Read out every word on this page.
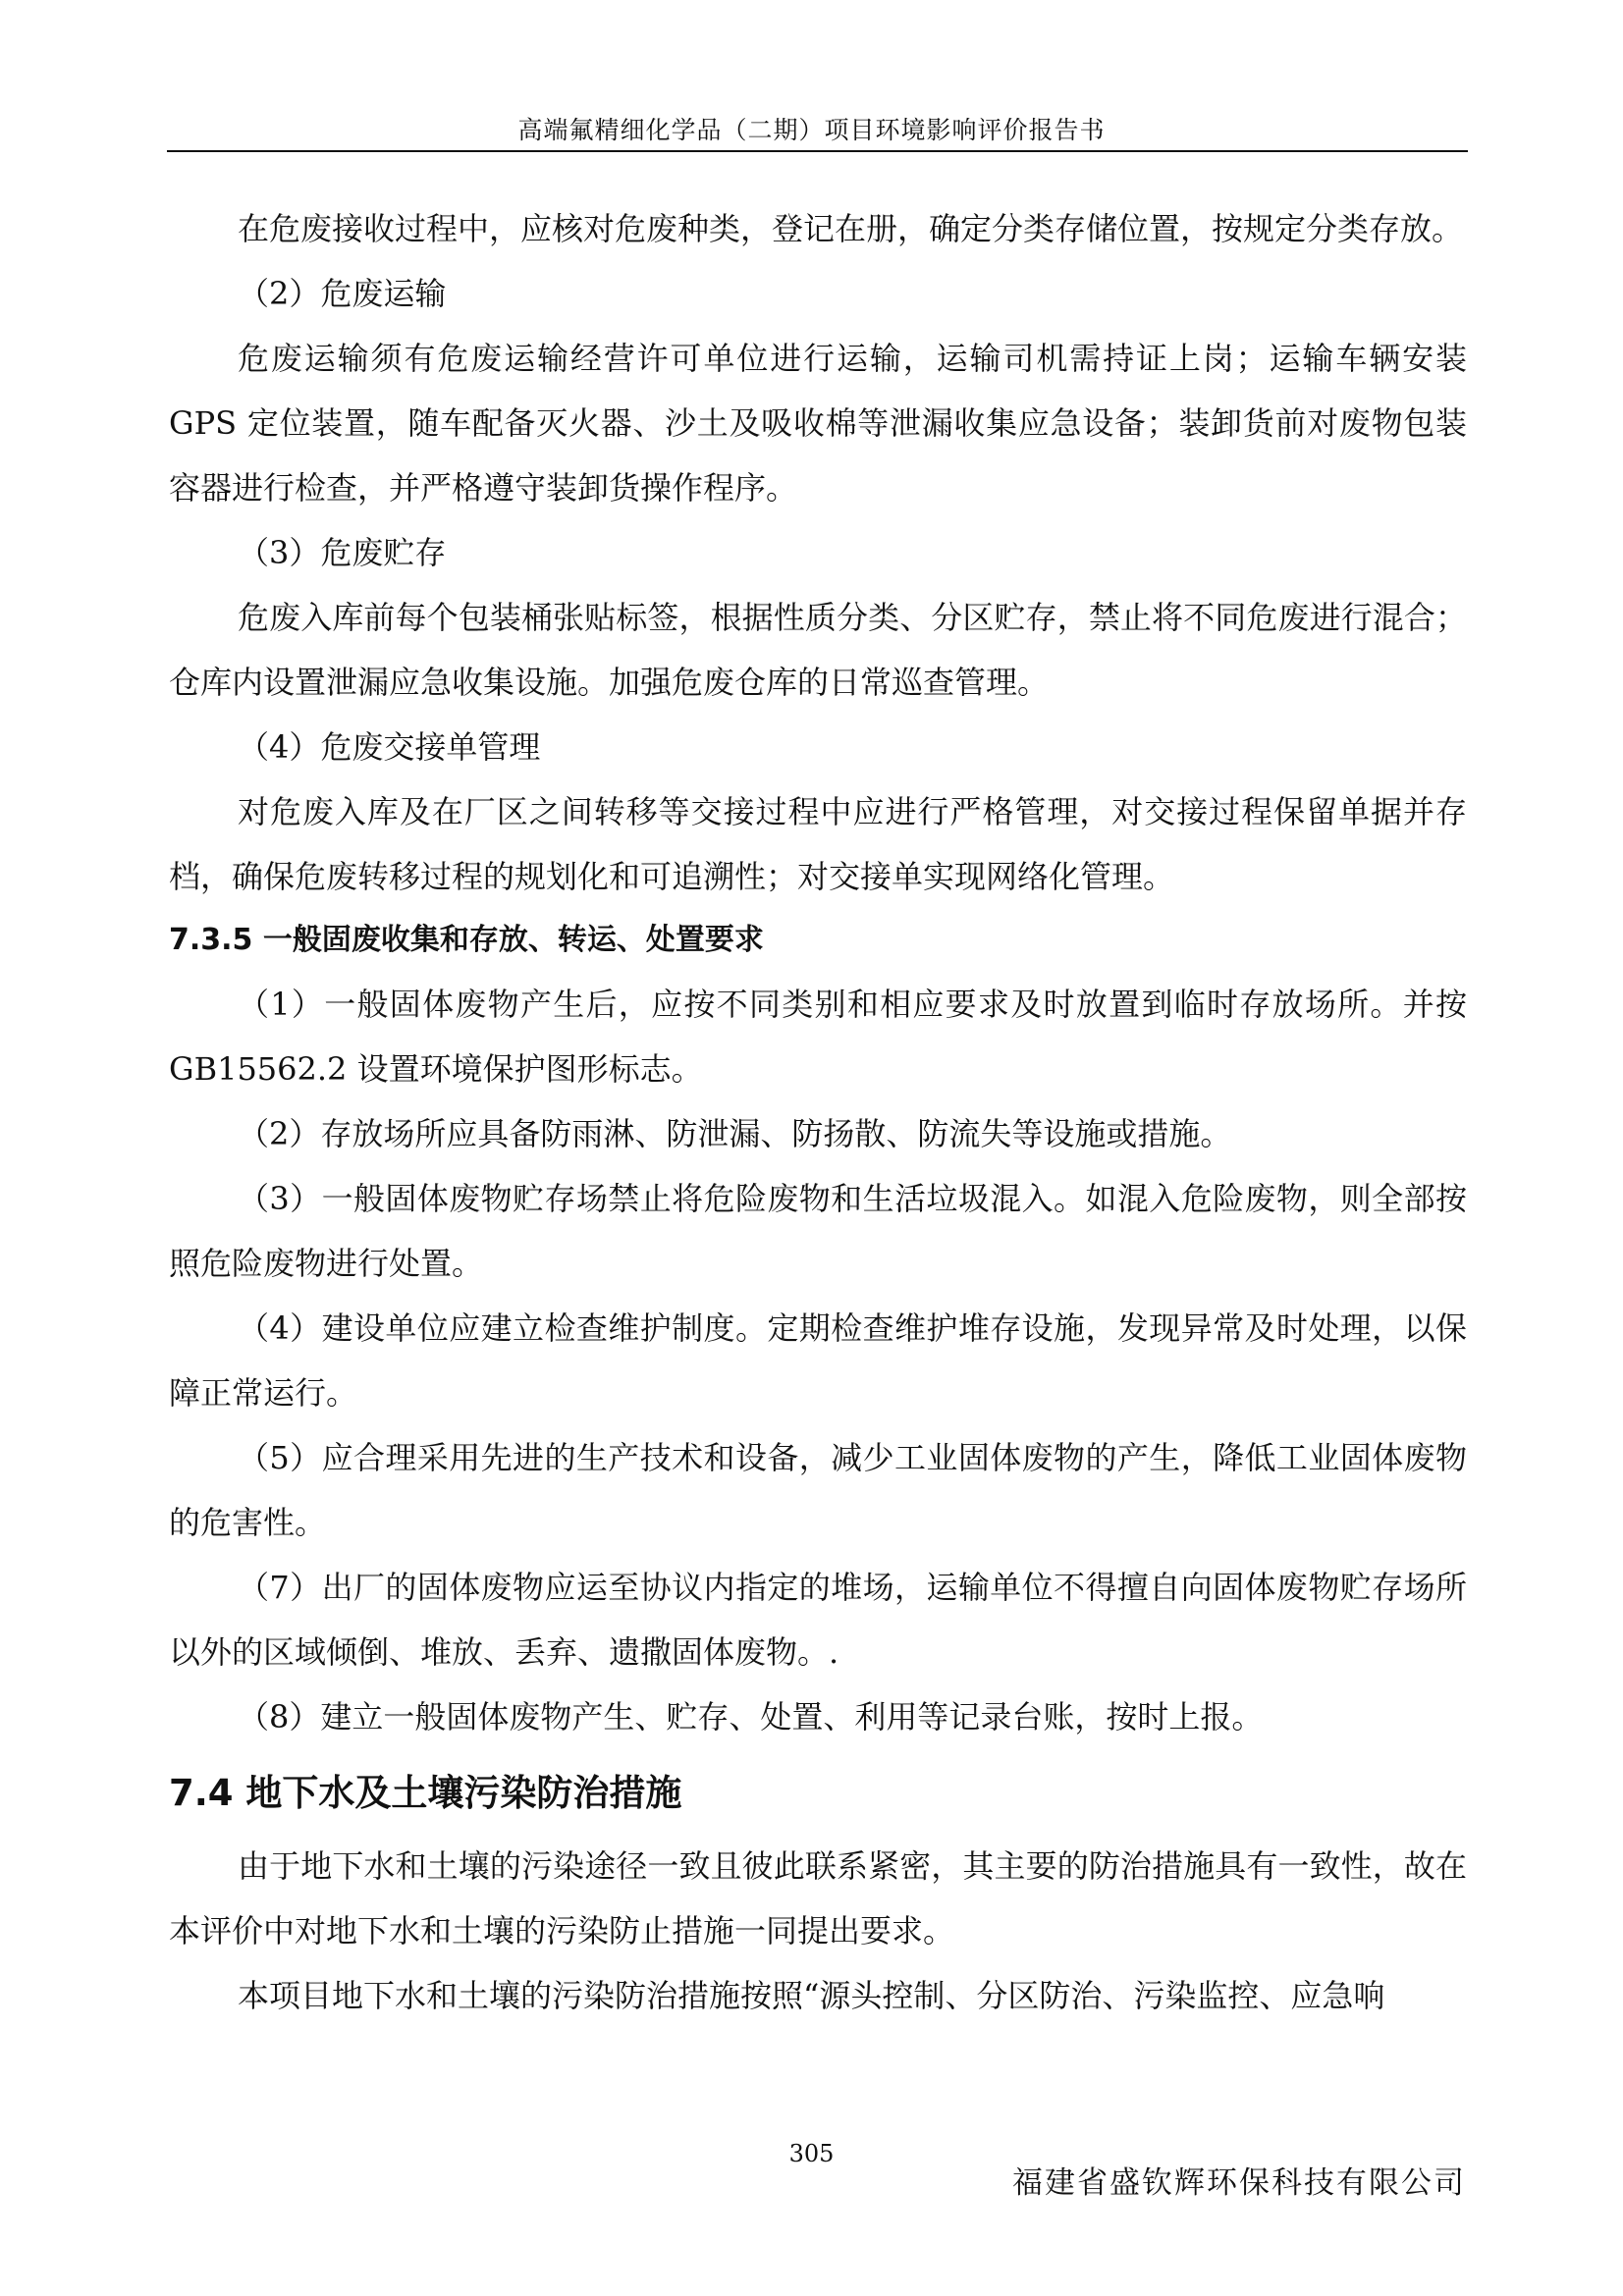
高端氟精细化学品（二期）项目环境影响评价报告书

在危废接收过程中，应核对危废种类，登记在册，确定分类存储位置，按规定分类存放。

（2）危废运输

危废运输须有危废运输经营许可单位进行运输，运输司机需持证上岗；运输车辆安装GPS 定位装置，随车配备灭火器、沙土及吸收棉等泄漏收集应急设备；装卸货前对废物包装容器进行检查，并严格遵守装卸货操作程序。

（3）危废贮存

危废入库前每个包装桶张贴标签，根据性质分类、分区贮存，禁止将不同危废进行混合；仓库内设置泄漏应急收集设施。加强危废仓库的日常巡查管理。

（4）危废交接单管理

对危废入库及在厂区之间转移等交接过程中应进行严格管理，对交接过程保留单据并存档，确保危废转移过程的规划化和可追溯性；对交接单实现网络化管理。

7.3.5 一般固废收集和存放、转运、处置要求

（1）一般固体废物产生后，应按不同类别和相应要求及时放置到临时存放场所。并按GB15562.2 设置环境保护图形标志。

（2）存放场所应具备防雨淋、防泄漏、防扬散、防流失等设施或措施。

（3）一般固体废物贮存场禁止将危险废物和生活垃圾混入。如混入危险废物，则全部按照危险废物进行处置。

（4）建设单位应建立检查维护制度。定期检查维护堆存设施，发现异常及时处理，以保障正常运行。

（5）应合理采用先进的生产技术和设备，减少工业固体废物的产生，降低工业固体废物的危害性。

（7）出厂的固体废物应运至协议内指定的堆场，运输单位不得擅自向固体废物贮存场所以外的区域倾倒、堆放、丢弃、遗撒固体废物。.

（8）建立一般固体废物产生、贮存、处置、利用等记录台账，按时上报。

7.4 地下水及土壤污染防治措施

由于地下水和土壤的污染途径一致且彼此联系紧密，其主要的防治措施具有一致性，故在本评价中对地下水和土壤的污染防止措施一同提出要求。

本项目地下水和土壤的污染防治措施按照“源头控制、分区防治、污染监控、应急响

305
福建省盛钦辉环保科技有限公司
